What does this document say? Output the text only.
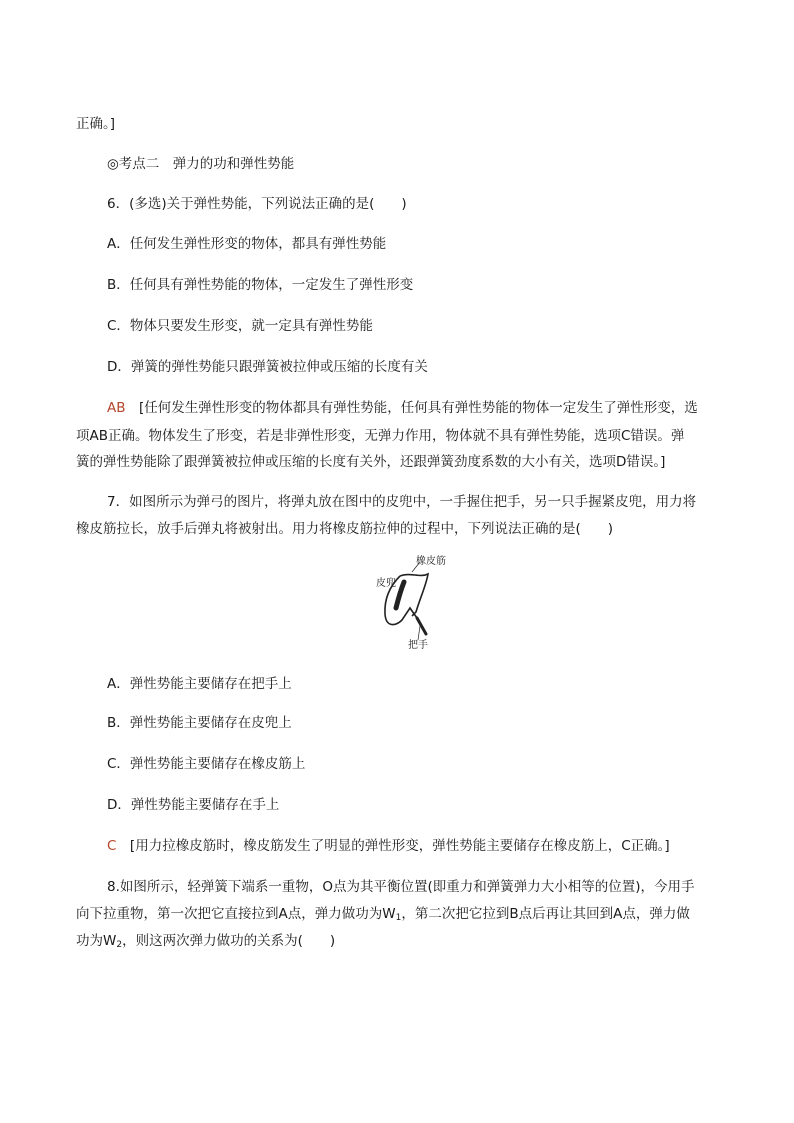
正确。]
◎考点二　弹力的功和弹性势能
6．(多选)关于弹性势能，下列说法正确的是(　　)
A．任何发生弹性形变的物体，都具有弹性势能
B．任何具有弹性势能的物体，一定发生了弹性形变
C．物体只要发生形变，就一定具有弹性势能
D．弹簧的弹性势能只跟弹簧被拉伸或压缩的长度有关
AB　[任何发生弹性形变的物体都具有弹性势能，任何具有弹性势能的物体一定发生了弹性形变，选
项AB正确。物体发生了形变，若是非弹性形变，无弹力作用，物体就不具有弹性势能，选项C错误。弹
簧的弹性势能除了跟弹簧被拉伸或压缩的长度有关外，还跟弹簧劲度系数的大小有关，选项D错误。]
7．如图所示为弹弓的图片，将弹丸放在图中的皮兜中，一手握住把手，另一只手握紧皮兜，用力将
橡皮筋拉长，放手后弹丸将被射出。用力将橡皮筋拉伸的过程中，下列说法正确的是(　　)
橡皮筋
皮兜
把手
A．弹性势能主要储存在把手上
B．弹性势能主要储存在皮兜上
C．弹性势能主要储存在橡皮筋上
D．弹性势能主要储存在手上
C　[用力拉橡皮筋时，橡皮筋发生了明显的弹性形变，弹性势能主要储存在橡皮筋上，C正确。]
8.如图所示，轻弹簧下端系一重物，O点为其平衡位置(即重力和弹簧弹力大小相等的位置)，今用手
向下拉重物，第一次把它直接拉到A点，弹力做功为$W_1$，第二次把它拉到B点后再让其回到A点，弹力做
功为$W_2$，则这两次弹力做功的关系为(　　)
